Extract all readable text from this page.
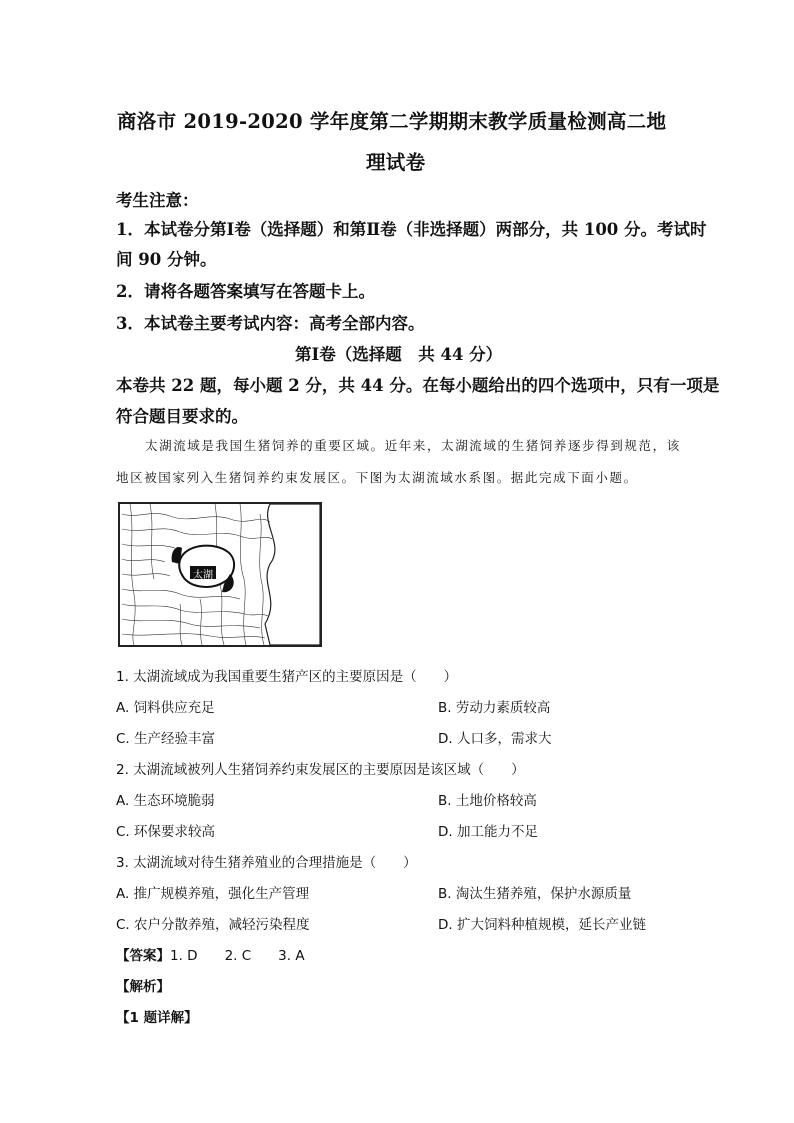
商洛市 2019-2020 学年度第二学期期末教学质量检测高二地
理试卷
考生注意：
1．本试卷分第Ⅰ卷（选择题）和第Ⅱ卷（非选择题）两部分，共 100 分。考试时
间 90 分钟。
2．请将各题答案填写在答题卡上。
3．本试卷主要考试内容：高考全部内容。
第Ⅰ卷（选择题　共 44 分）
本卷共 22 题，每小题 2 分，共 44 分。在每小题给出的四个选项中，只有一项是
符合题目要求的。
太湖流域是我国生猪饲养的重要区域。近年来，太湖流域的生猪饲养逐步得到规范，该
地区被国家列入生猪饲养约束发展区。下图为太湖流域水系图。据此完成下面小题。
太湖
1. 太湖流域成为我国重要生猪产区的主要原因是（　　）
A. 饲料供应充足	B. 劳动力素质较高
C. 生产经验丰富	D. 人口多，需求大
2. 太湖流域被列人生猪饲养约束发展区的主要原因是该区域（　　）
A. 生态环境脆弱	B. 土地价格较高
C. 环保要求较高	D. 加工能力不足
3. 太湖流域对待生猪养殖业的合理措施是（　　）
A. 推广规模养殖，强化生产管理	B. 淘汰生猪养殖，保护水源质量
C. 农户分散养殖，减轻污染程度	D. 扩大饲料种植规模，延长产业链
【答案】1. D　　2. C　　3. A
【解析】
【1 题详解】
